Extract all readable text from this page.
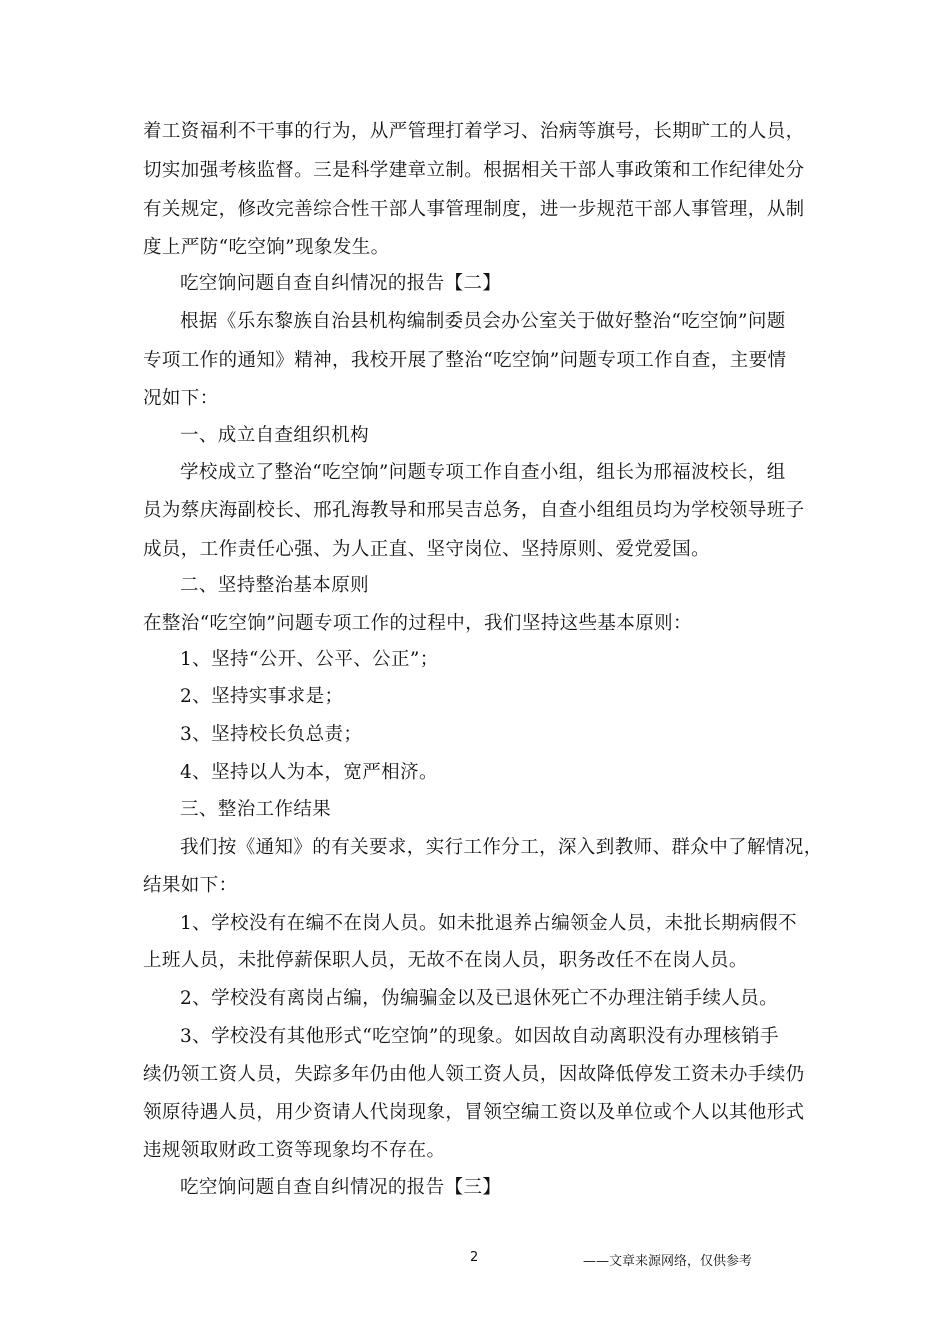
着工资福利不干事的行为，从严管理打着学习、治病等旗号，长期旷工的人员，
切实加强考核监督。三是科学建章立制。根据相关干部人事政策和工作纪律处分
有关规定，修改完善综合性干部人事管理制度，进一步规范干部人事管理，从制
度上严防“吃空饷”现象发生。
吃空饷问题自查自纠情况的报告【二】
根据《乐东黎族自治县机构编制委员会办公室关于做好整治“吃空饷”问题
专项工作的通知》精神，我校开展了整治“吃空饷”问题专项工作自查，主要情
况如下：
一、成立自查组织机构
学校成立了整治“吃空饷”问题专项工作自查小组，组长为邢福波校长，组
员为蔡庆海副校长、邢孔海教导和邢吴吉总务，自查小组组员均为学校领导班子
成员，工作责任心强、为人正直、坚守岗位、坚持原则、爱党爱国。
二、坚持整治基本原则
在整治“吃空饷”问题专项工作的过程中，我们坚持这些基本原则：
1、坚持“公开、公平、公正”；
2、坚持实事求是；
3、坚持校长负总责；
4、坚持以人为本，宽严相济。
三、整治工作结果
我们按《通知》的有关要求，实行工作分工，深入到教师、群众中了解情况，
结果如下：
1、学校没有在编不在岗人员。如未批退养占编领金人员，未批长期病假不
上班人员，未批停薪保职人员，无故不在岗人员，职务改任不在岗人员。
2、学校没有离岗占编，伪编骗金以及已退休死亡不办理注销手续人员。
3、学校没有其他形式“吃空饷”的现象。如因故自动离职没有办理核销手
续仍领工资人员，失踪多年仍由他人领工资人员，因故降低停发工资未办手续仍
领原待遇人员，用少资请人代岗现象，冒领空编工资以及单位或个人以其他形式
违规领取财政工资等现象均不存在。
吃空饷问题自查自纠情况的报告【三】
2	——文章来源网络，仅供参考
